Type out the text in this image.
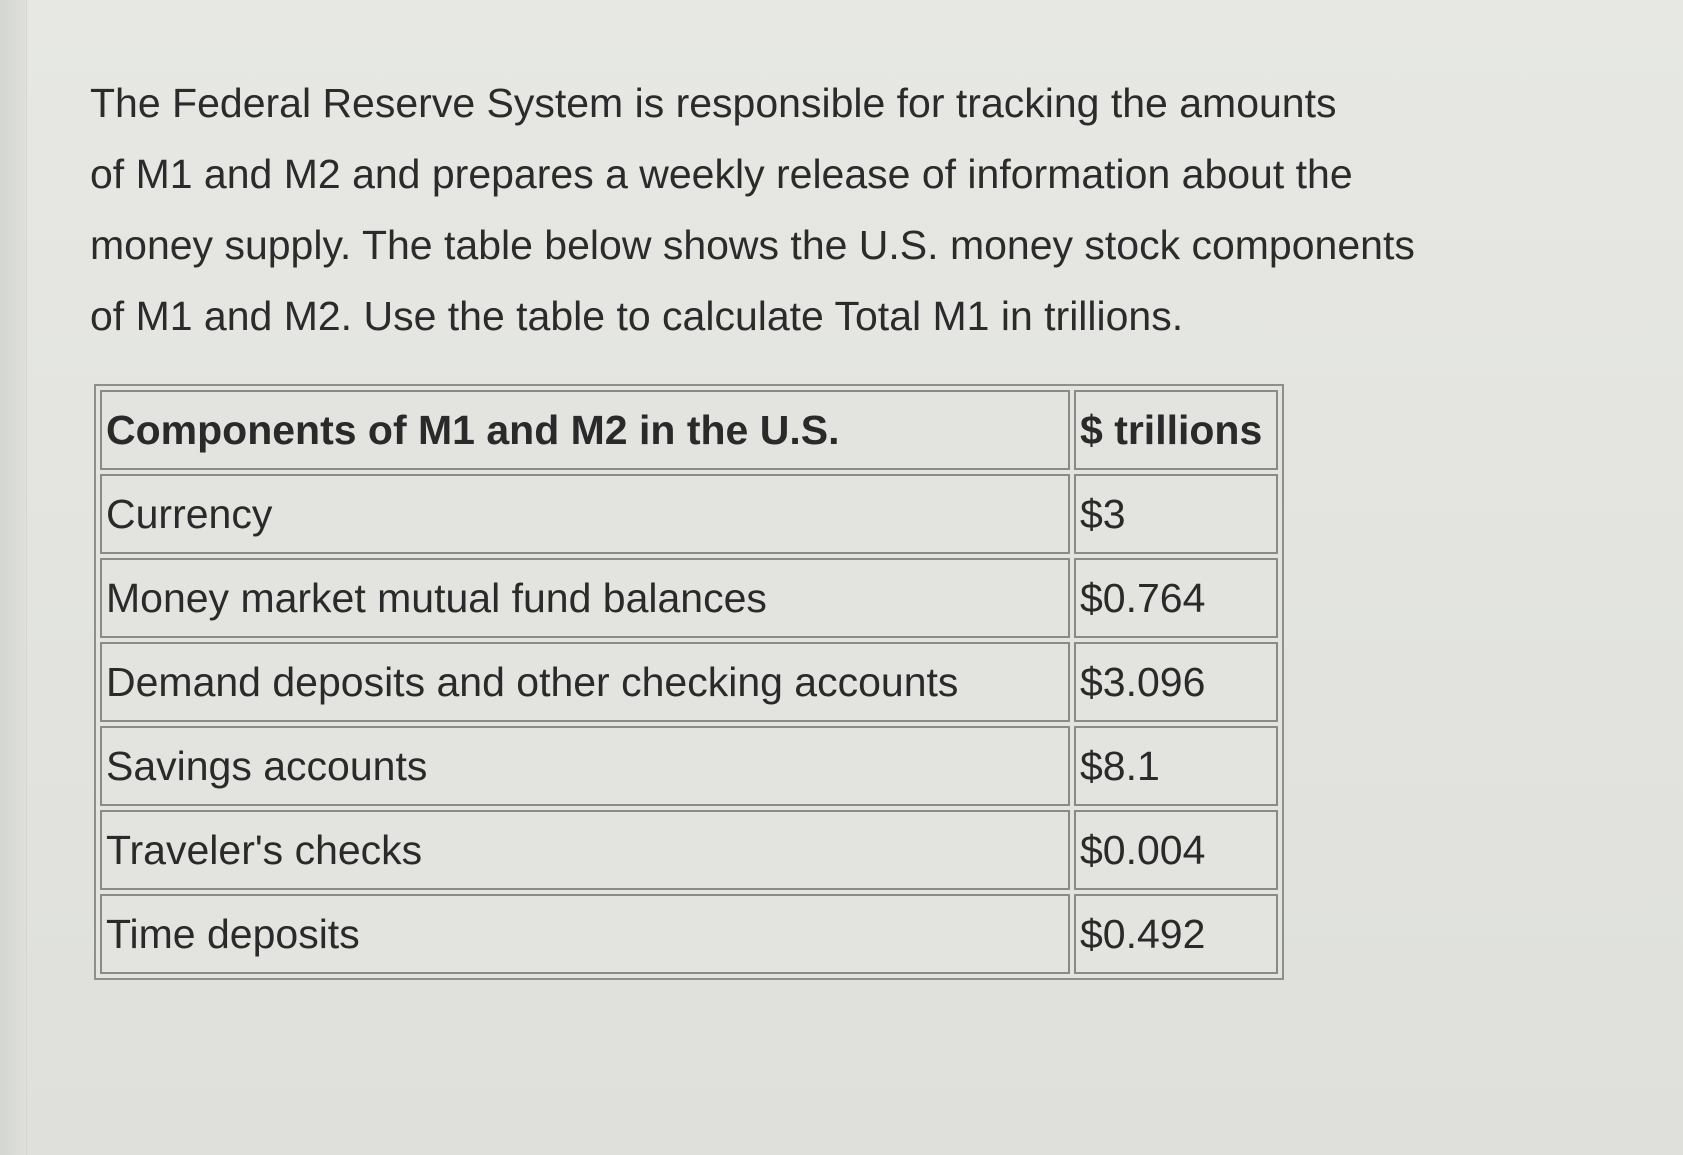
The Federal Reserve System is responsible for tracking the amounts
of M1 and M2 and prepares a weekly release of information about the
money supply. The table below shows the U.S. money stock components
of M1 and M2. Use the table to calculate Total M1 in trillions.

Components of M1 and M2 in the U.S.	$ trillions
Currency	$3
Money market mutual fund balances	$0.764
Demand deposits and other checking accounts	$3.096
Savings accounts	$8.1
Traveler's checks	$0.004
Time deposits	$0.492
